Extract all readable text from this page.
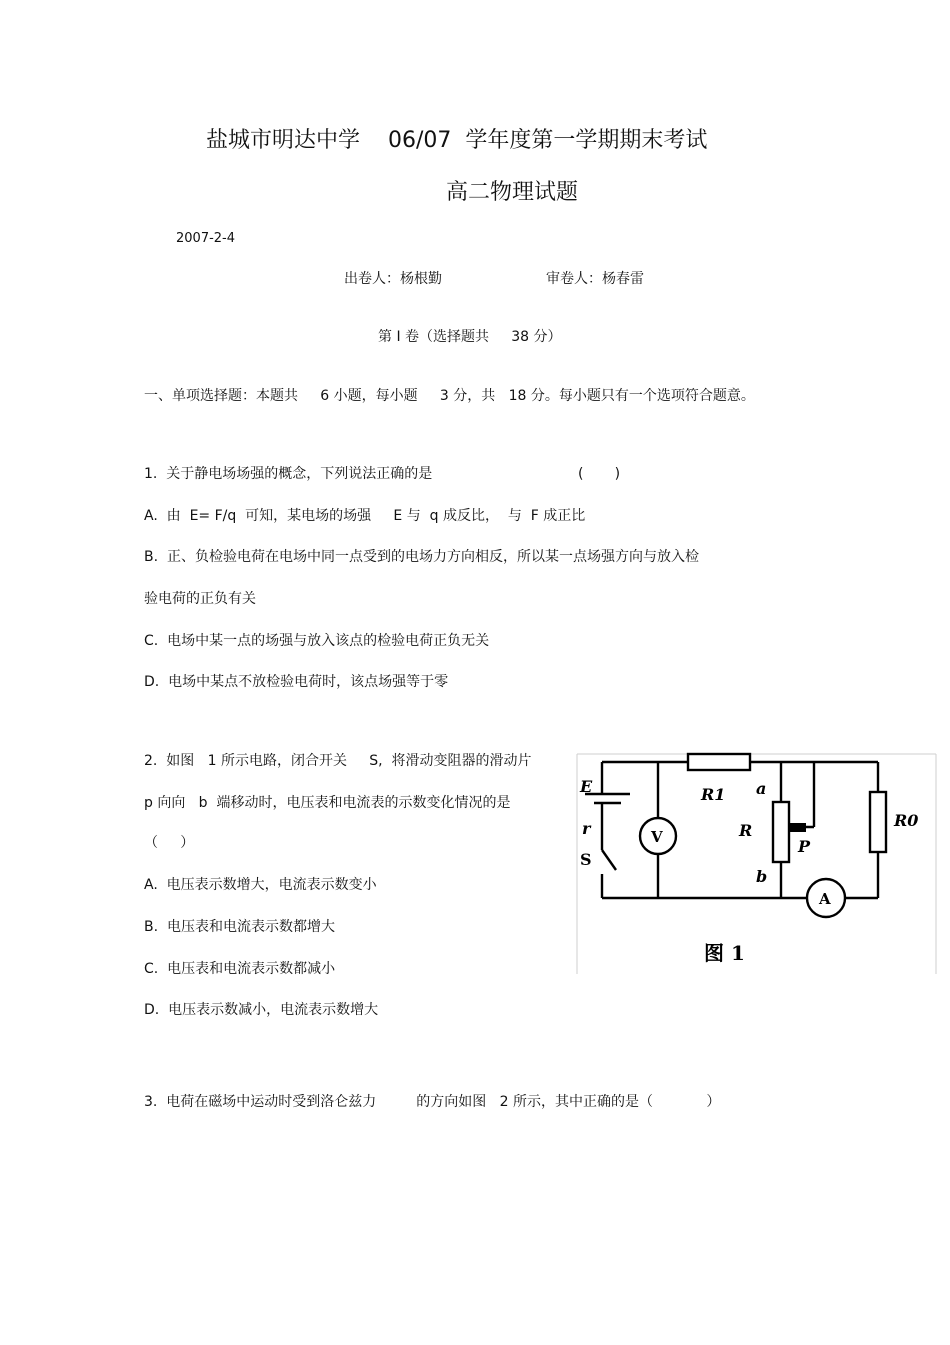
盐城市明达中学    06/07  学年度第一学期期末考试
高二物理试题
2007-2-4
出卷人：杨根勤	审卷人：杨春雷
第 I 卷（选择题共     38 分）
一、单项选择题：本题共     6 小题，每小题     3 分，共   18 分。每小题只有一个选项符合题意。
1.  关于静电场场强的概念，下列说法正确的是	(       )
A.  由  E= F/q  可知，某电场的场强     E 与  q 成反比，  与  F 成正比
B.  正、负检验电荷在电场中同一点受到的电场力方向相反，所以某一点场强方向与放入检
验电荷的正负有关
C.  电场中某一点的场强与放入该点的检验电荷正负无关
D.  电场中某点不放检验电荷时，该点场强等于零
2.  如图   1 所示电路，闭合开关     S,  将滑动变阻器的滑动片
p 向向   b  端移动时，电压表和电流表的示数变化情况的是
（     ）
A.  电压表示数增大，电流表示数变小
B.  电压表和电流表示数都增大
C.  电压表和电流表示数都减小
D.  电压表示数减小，电流表示数增大
E
r
S
V
R1 a
R
P
b
A
R0
图 1
3.  电荷在磁场中运动时受到洛仑兹力         的方向如图   2 所示，其中正确的是（            ）
